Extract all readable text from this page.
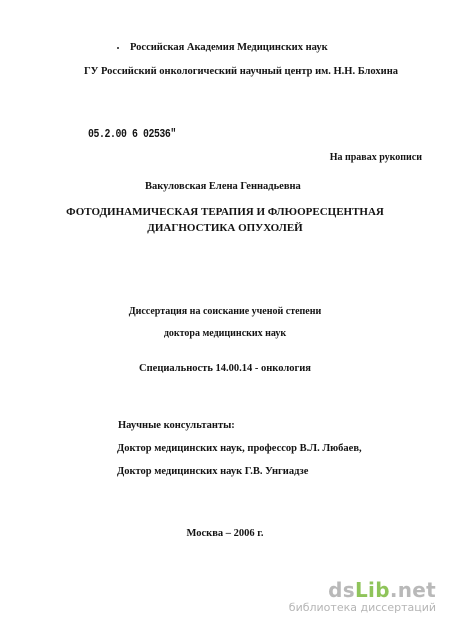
Российская Академия Медицинских наук
ГУ Российский онкологический научный центр им. Н.Н. Блохина
05.2.00 6 02536"
На правах рукописи
Вакуловская Елена Геннадьевна
ФОТОДИНАМИЧЕСКАЯ ТЕРАПИЯ И ФЛЮОРЕСЦЕНТНАЯ
ДИАГНОСТИКА ОПУХОЛЕЙ
Диссертация на соискание ученой степени
доктора медицинских наук
Специальность 14.00.14 - онкология
Научные консультанты:
Доктор медицинских наук, профессор В.Л. Любаев,
Доктор медицинских наук Г.В. Унгиадзе
Москва – 2006 г.
dsLib.net
библиотека диссертаций
